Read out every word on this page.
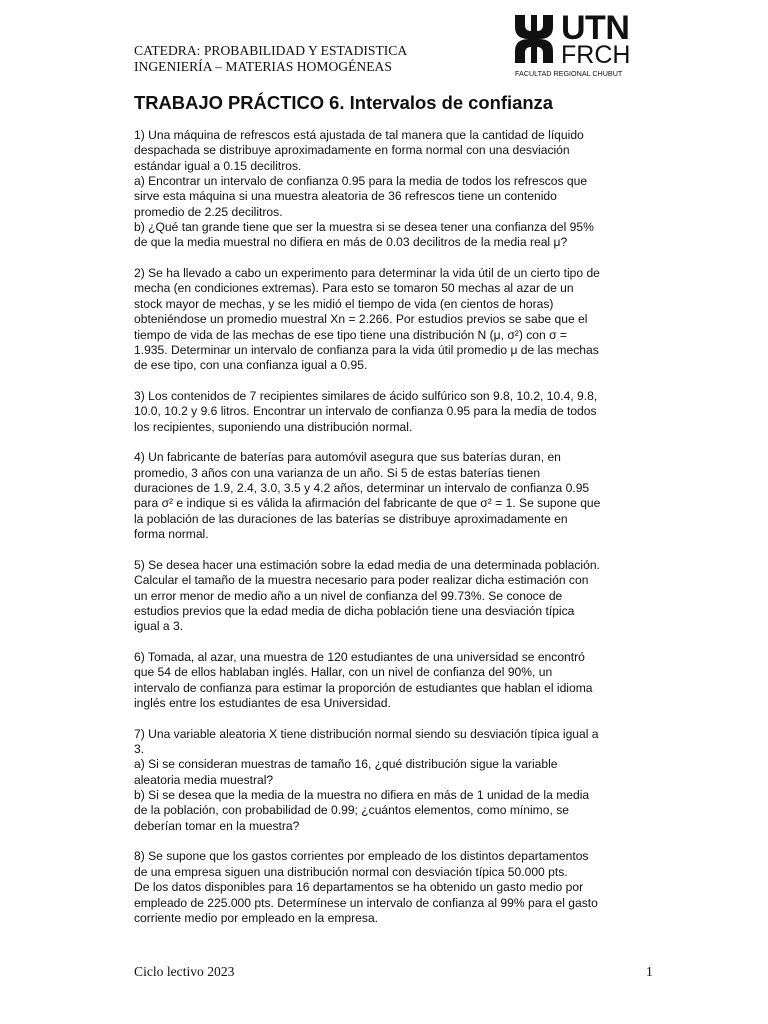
CATEDRA: PROBABILIDAD Y ESTADISTICA
INGENIERÍA – MATERIAS HOMOGÉNEAS
UTN
FRCH
FACULTAD REGIONAL CHUBUT
TRABAJO PRÁCTICO 6. Intervalos de confianza
1) Una máquina de refrescos está ajustada de tal manera que la cantidad de líquido
despachada se distribuye aproximadamente en forma normal con una desviación
estándar igual a 0.15 decilitros.
a) Encontrar un intervalo de confianza 0.95 para la media de todos los refrescos que
sirve esta máquina si una muestra aleatoria de 36 refrescos tiene un contenido
promedio de 2.25 decilitros.
b) ¿Qué tan grande tiene que ser la muestra si se desea tener una confianza del 95%
de que la media muestral no difiera en más de 0.03 decilitros de la media real μ?
2) Se ha llevado a cabo un experimento para determinar la vida útil de un cierto tipo de
mecha (en condiciones extremas). Para esto se tomaron 50 mechas al azar de un
stock mayor de mechas, y se les midió el tiempo de vida (en cientos de horas)
obteniéndose un promedio muestral Xn = 2.266. Por estudios previos se sabe que el
tiempo de vida de las mechas de ese tipo tiene una distribución N (μ, σ²) con σ =
1.935. Determinar un intervalo de confianza para la vida útil promedio μ de las mechas
de ese tipo, con una confianza igual a 0.95.
3) Los contenidos de 7 recipientes similares de ácido sulfúrico son 9.8, 10.2, 10.4, 9.8,
10.0, 10.2 y 9.6 litros. Encontrar un intervalo de confianza 0.95 para la media de todos
los recipientes, suponiendo una distribución normal.
4) Un fabricante de baterías para automóvil asegura que sus baterías duran, en
promedio, 3 años con una varianza de un año. Si 5 de estas baterías tienen
duraciones de 1.9, 2.4, 3.0, 3.5 y 4.2 años, determinar un intervalo de confianza 0.95
para σ² e indique si es válida la afirmación del fabricante de que σ² = 1. Se supone que
la población de las duraciones de las baterías se distribuye aproximadamente en
forma normal.
5) Se desea hacer una estimación sobre la edad media de una determinada población.
Calcular el tamaño de la muestra necesario para poder realizar dicha estimación con
un error menor de medio año a un nivel de confianza del 99.73%. Se conoce de
estudios previos que la edad media de dicha población tiene una desviación típica
igual a 3.
6) Tomada, al azar, una muestra de 120 estudiantes de una universidad se encontró
que 54 de ellos hablaban inglés. Hallar, con un nivel de confianza del 90%, un
intervalo de confianza para estimar la proporción de estudiantes que hablan el idioma
inglés entre los estudiantes de esa Universidad.
7) Una variable aleatoria X tiene distribución normal siendo su desviación típica igual a
3.
a) Si se consideran muestras de tamaño 16, ¿qué distribución sigue la variable
aleatoria media muestral?
b) Si se desea que la media de la muestra no difiera en más de 1 unidad de la media
de la población, con probabilidad de 0.99; ¿cuántos elementos, como mínimo, se
deberían tomar en la muestra?
8) Se supone que los gastos corrientes por empleado de los distintos departamentos
de una empresa siguen una distribución normal con desviación típica 50.000 pts.
De los datos disponibles para 16 departamentos se ha obtenido un gasto medio por
empleado de 225.000 pts. Determínese un intervalo de confianza al 99% para el gasto
corriente medio por empleado en la empresa.
Ciclo lectivo 2023	1
